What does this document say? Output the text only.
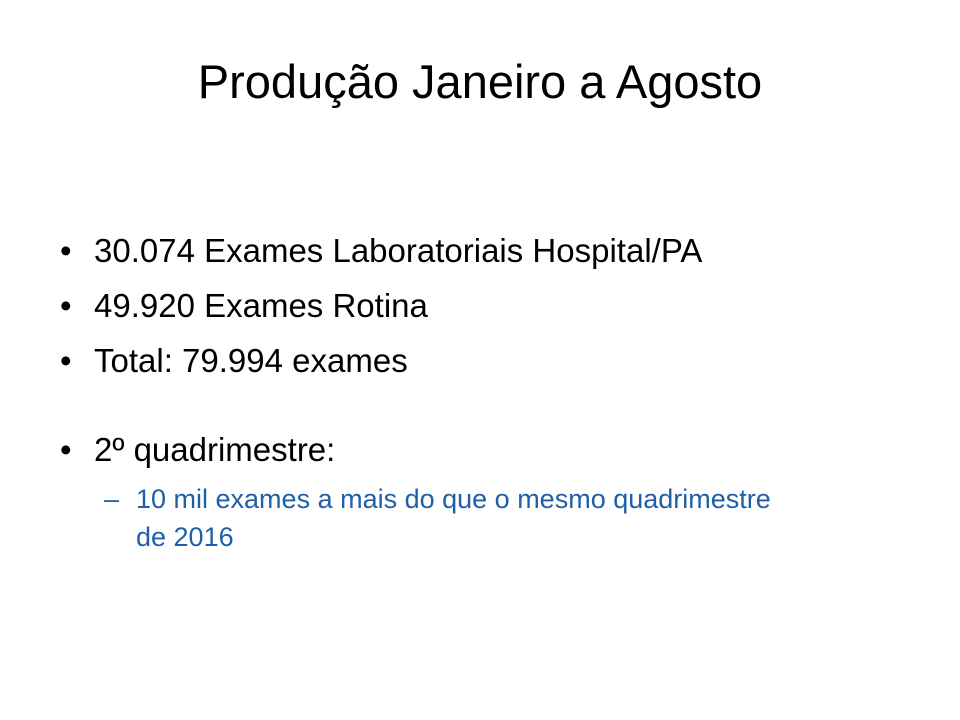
Produção Janeiro a Agosto
• 30.074 Exames Laboratoriais Hospital/PA
• 49.920 Exames Rotina
• Total: 79.994 exames
• 2º quadrimestre:
– 10 mil exames a mais do que o mesmo quadrimestre de 2016
